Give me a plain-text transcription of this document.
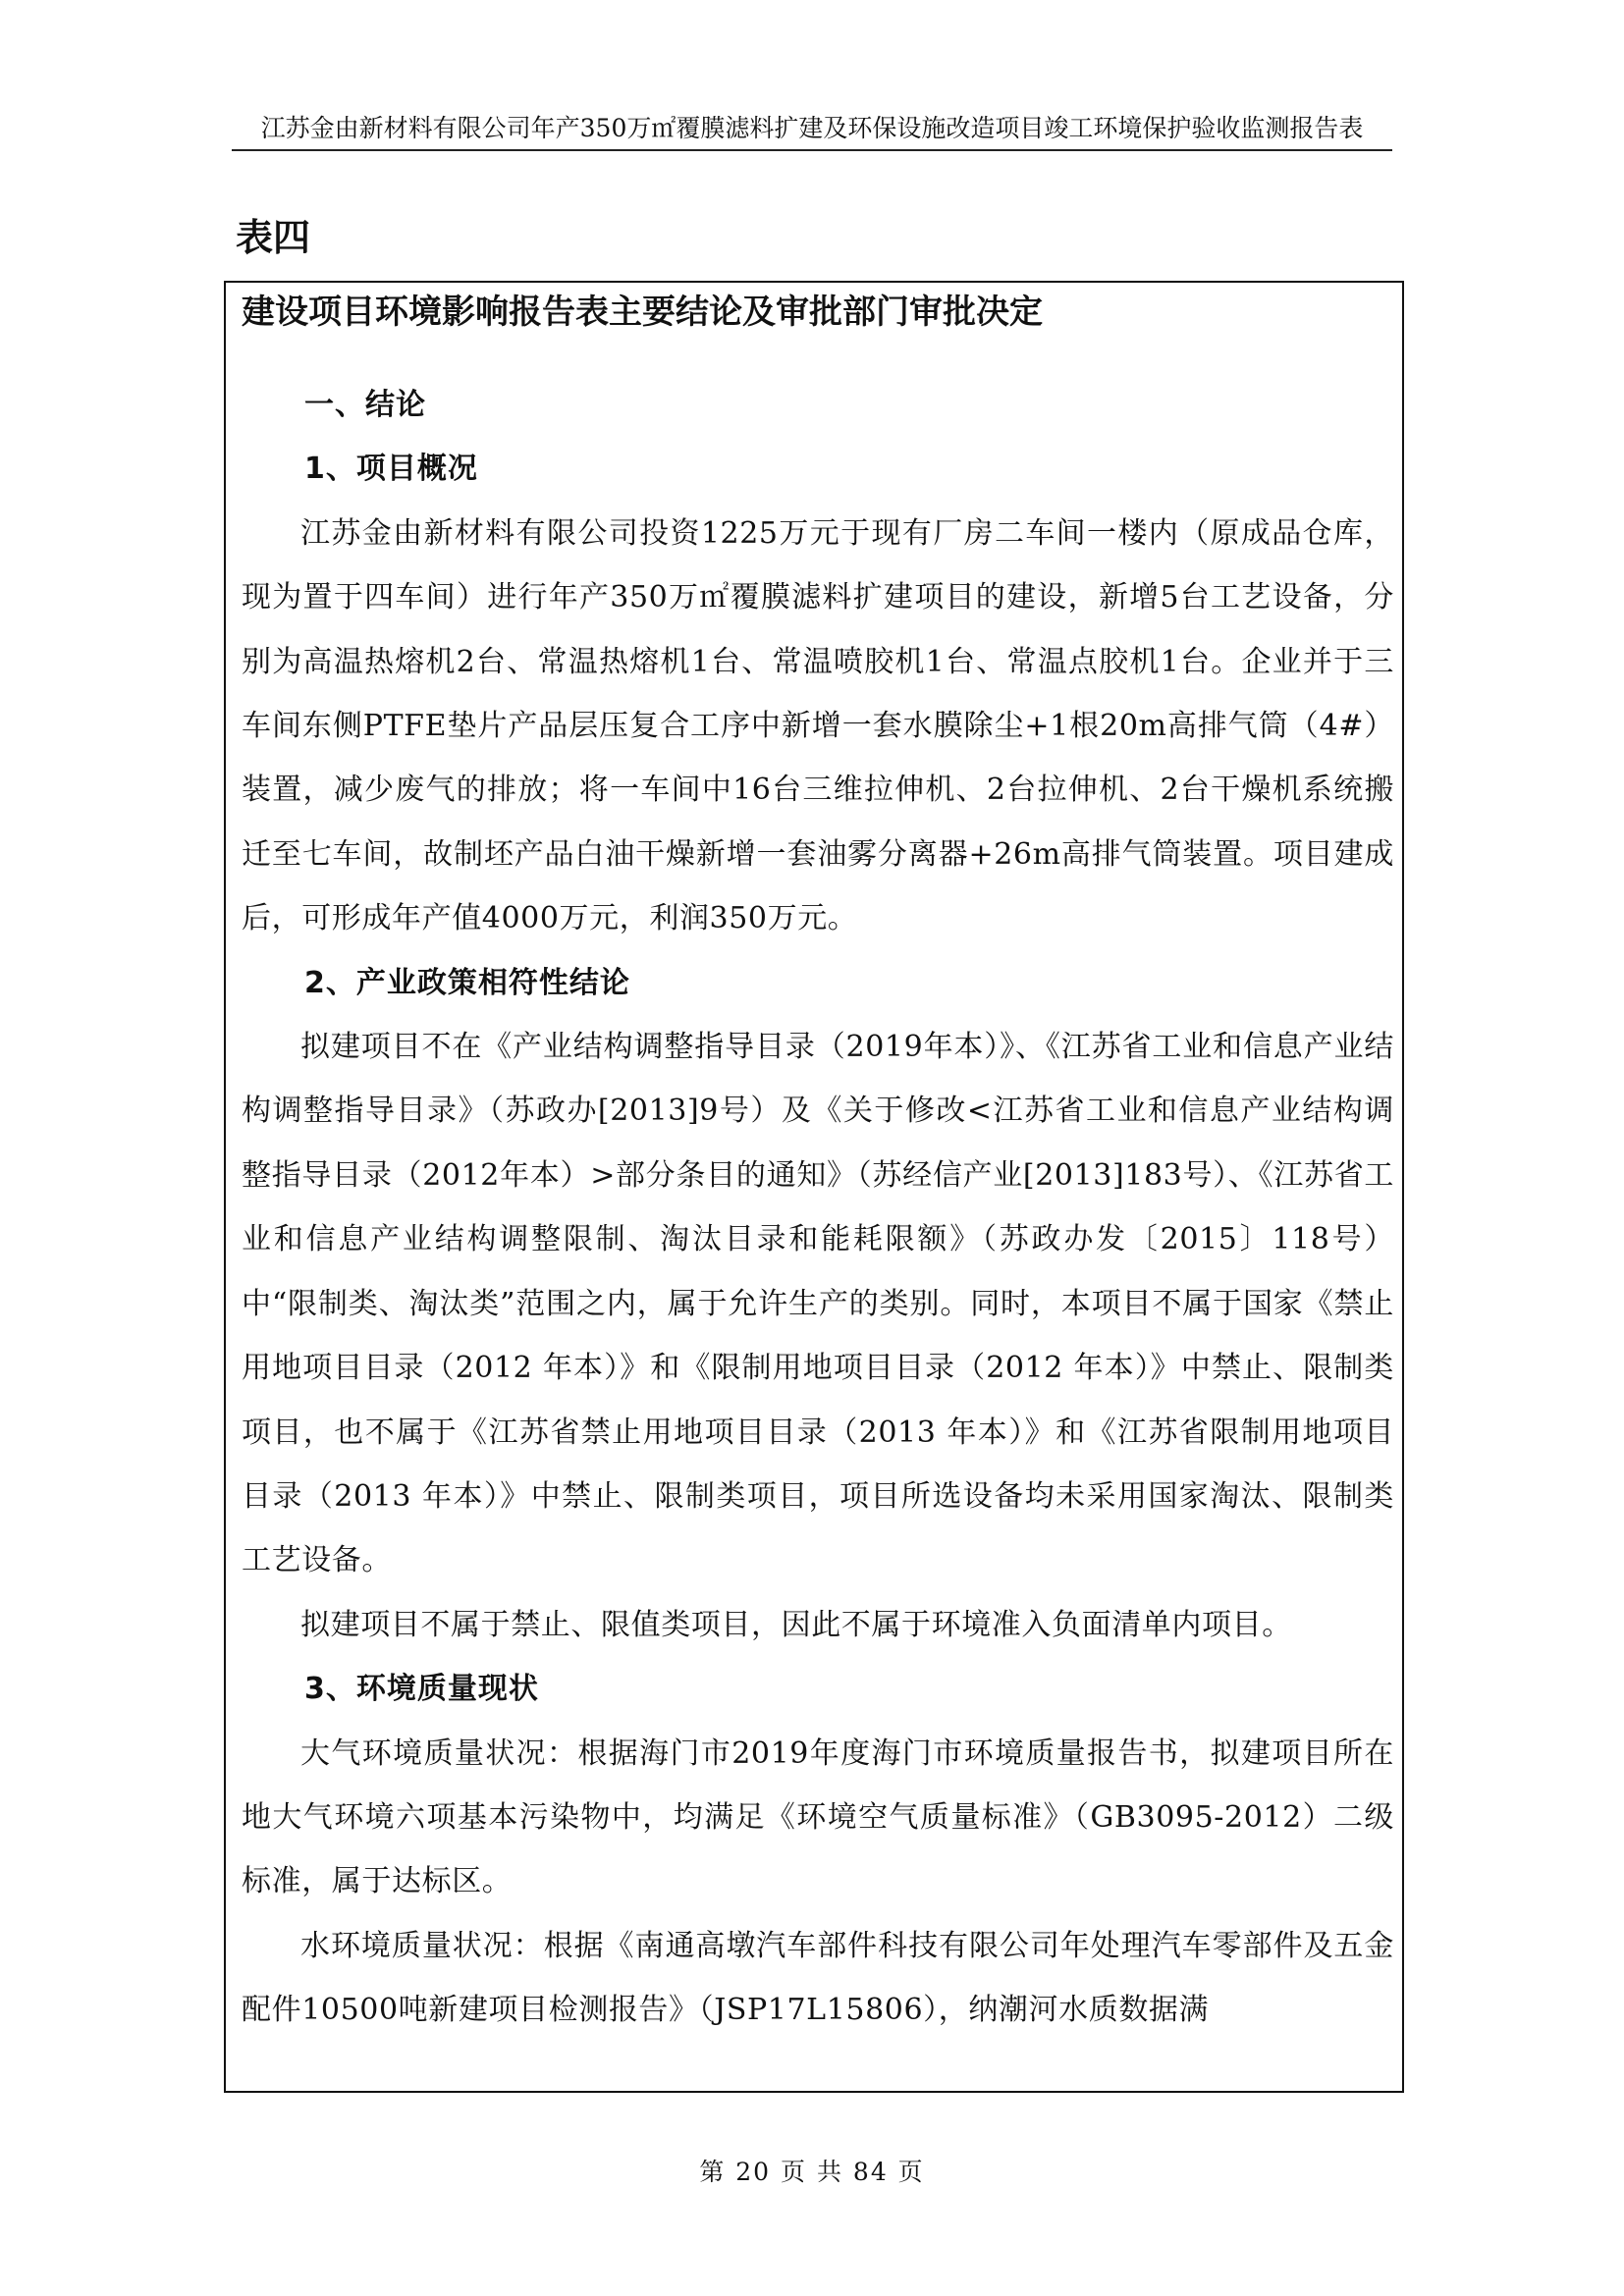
江苏金由新材料有限公司年产350万㎡覆膜滤料扩建及环保设施改造项目竣工环境保护验收监测报告表
表四
建设项目环境影响报告表主要结论及审批部门审批决定
一、结论
1、项目概况

江苏金由新材料有限公司投资1225万元于现有厂房二车间一楼内（原成品仓库，现为置于四车间）进行年产350万㎡覆膜滤料扩建项目的建设，新增5台工艺设备，分别为高温热熔机2台、常温热熔机1台、常温喷胶机1台、常温点胶机1台。企业并于三车间东侧PTFE垫片产品层压复合工序中新增一套水膜除尘+1根20m高排气筒（4#）装置，减少废气的排放；将一车间中16台三维拉伸机、2台拉伸机、2台干燥机系统搬迁至七车间，故制坯产品白油干燥新增一套油雾分离器+26m高排气筒装置。项目建成后，可形成年产值4000万元，利润350万元。

2、产业政策相符性结论

拟建项目不在《产业结构调整指导目录（2019年本）》、《江苏省工业和信息产业结构调整指导目录》（苏政办[2013]9号）及《关于修改<江苏省工业和信息产业结构调整指导目录（2012年本）>部分条目的通知》（苏经信产业[2013]183号）、《江苏省工业和信息产业结构调整限制、淘汰目录和能耗限额》（苏政办发〔2015〕118号）中“限制类、淘汰类”范围之内，属于允许生产的类别。同时，本项目不属于国家《禁止用地项目目录（2012 年本）》和《限制用地项目目录（2012 年本）》中禁止、限制类项目，也不属于《江苏省禁止用地项目目录（2013 年本）》和《江苏省限制用地项目目录（2013 年本）》中禁止、限制类项目，项目所选设备均未采用国家淘汰、限制类工艺设备。

拟建项目不属于禁止、限值类项目，因此不属于环境准入负面清单内项目。

3、环境质量现状

大气环境质量状况：根据海门市2019年度海门市环境质量报告书，拟建项目所在地大气环境六项基本污染物中，均满足《环境空气质量标准》（GB3095-2012）二级标准，属于达标区。

水环境质量状况：根据《南通高墩汽车部件科技有限公司年处理汽车零部件及五金配件10500吨新建项目检测报告》（JSP17L15806），纳潮河水质数据满

第 20 页 共 84 页
